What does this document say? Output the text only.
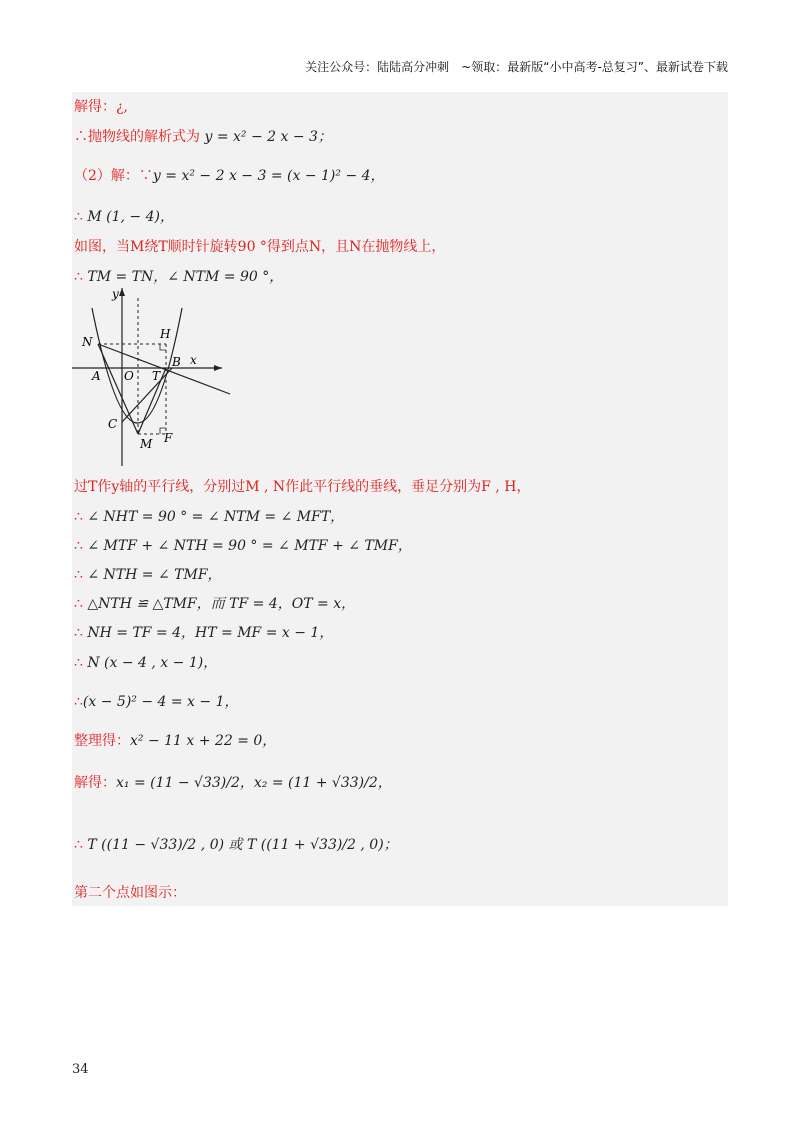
关注公众号：陆陆高分冲刺　~领取：最新版“小中高考-总复习”、最新试卷下载
解得：¿,
∴抛物线的解析式为 y = x² − 2 x − 3；
（2）解：∵y = x² − 2 x − 3 = (x − 1)² − 4，
∴ M (1, − 4)，
如图，当M绕T顺时针旋转90 °得到点N，且N在抛物线上，
∴ TM = TN，∠ NTM = 90 °，
y
x
N
H
A O T
B
C
M F
过T作y轴的平行线，分别过M , N作此平行线的垂线，垂足分别为F , H，
∴ ∠ NHT = 90 ° = ∠ NTM = ∠ MFT，
∴ ∠ MTF + ∠ NTH = 90 ° = ∠ MTF + ∠ TMF，
∴ ∠ NTH = ∠ TMF，
∴ △NTH ≌ △TMF，而 TF = 4，OT = x，
∴ NH = TF = 4，HT = MF = x − 1，
∴ N (x − 4 , x − 1)，
∴(x − 5)² − 4 = x − 1，
整理得：x² − 11 x + 22 = 0，
解得：x₁ = (11 − √33)/2，x₂ = (11 + √33)/2，
∴ T ((11 − √33)/2 , 0) 或 T ((11 + √33)/2 , 0)；
第二个点如图示：
34
